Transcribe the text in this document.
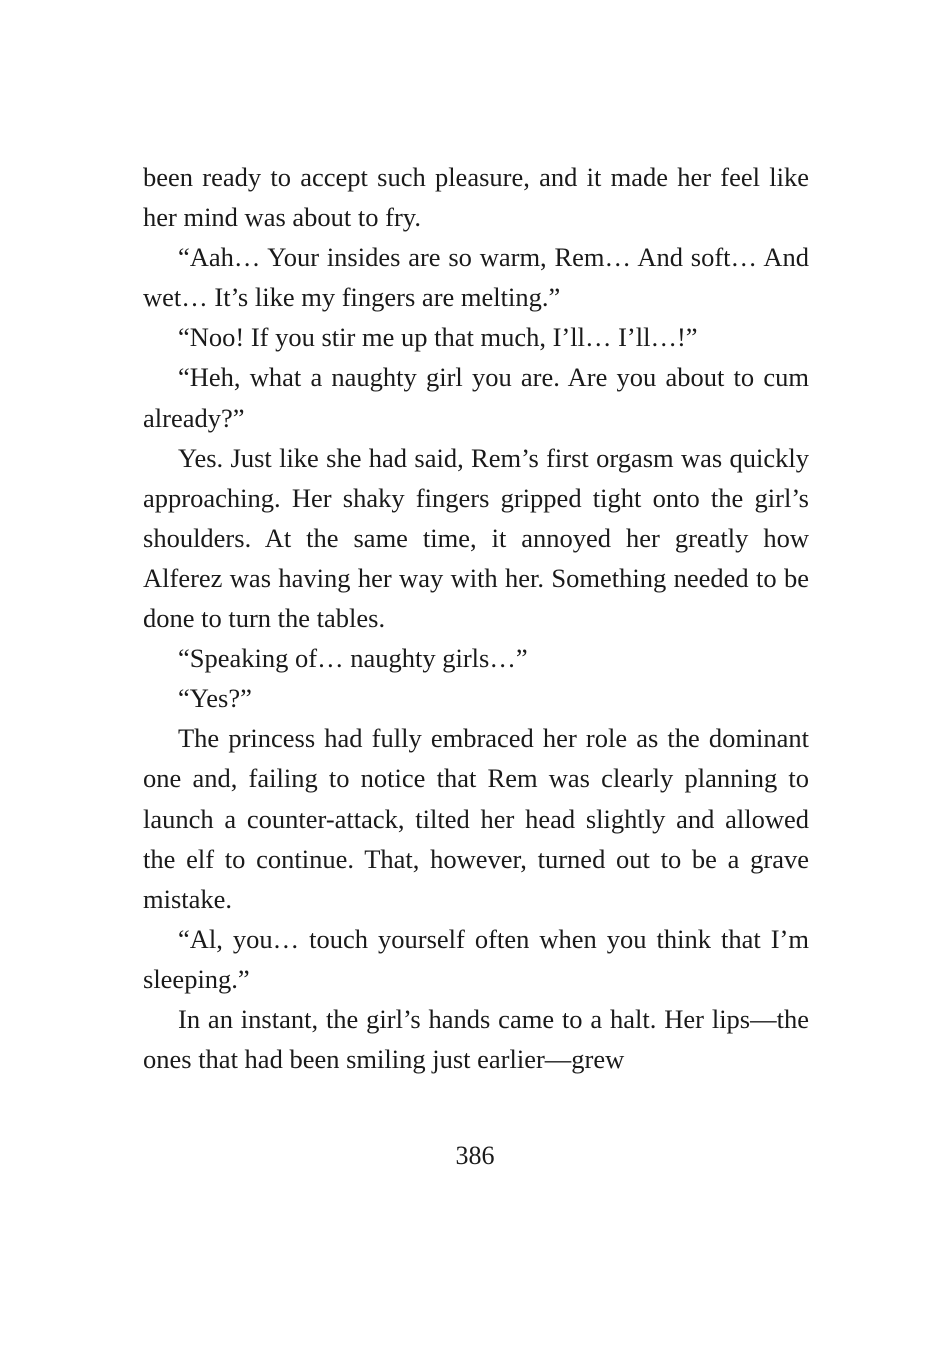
been ready to accept such pleasure, and it made her feel like her mind was about to fry.

“Aah… Your insides are so warm, Rem… And soft… And wet… It’s like my fingers are melting.”

“Noo! If you stir me up that much, I’ll… I’ll…!”

“Heh, what a naughty girl you are. Are you about to cum already?”

Yes. Just like she had said, Rem’s first orgasm was quickly approaching. Her shaky fingers gripped tight onto the girl’s shoulders. At the same time, it annoyed her greatly how Alferez was having her way with her. Something needed to be done to turn the tables.

“Speaking of… naughty girls…”

“Yes?”

The princess had fully embraced her role as the dominant one and, failing to notice that Rem was clearly planning to launch a counter-attack, tilted her head slightly and allowed the elf to continue. That, however, turned out to be a grave mistake.

“Al, you… touch yourself often when you think that I’m sleeping.”

In an instant, the girl’s hands came to a halt. Her lips—the ones that had been smiling just earlier—grew

386
